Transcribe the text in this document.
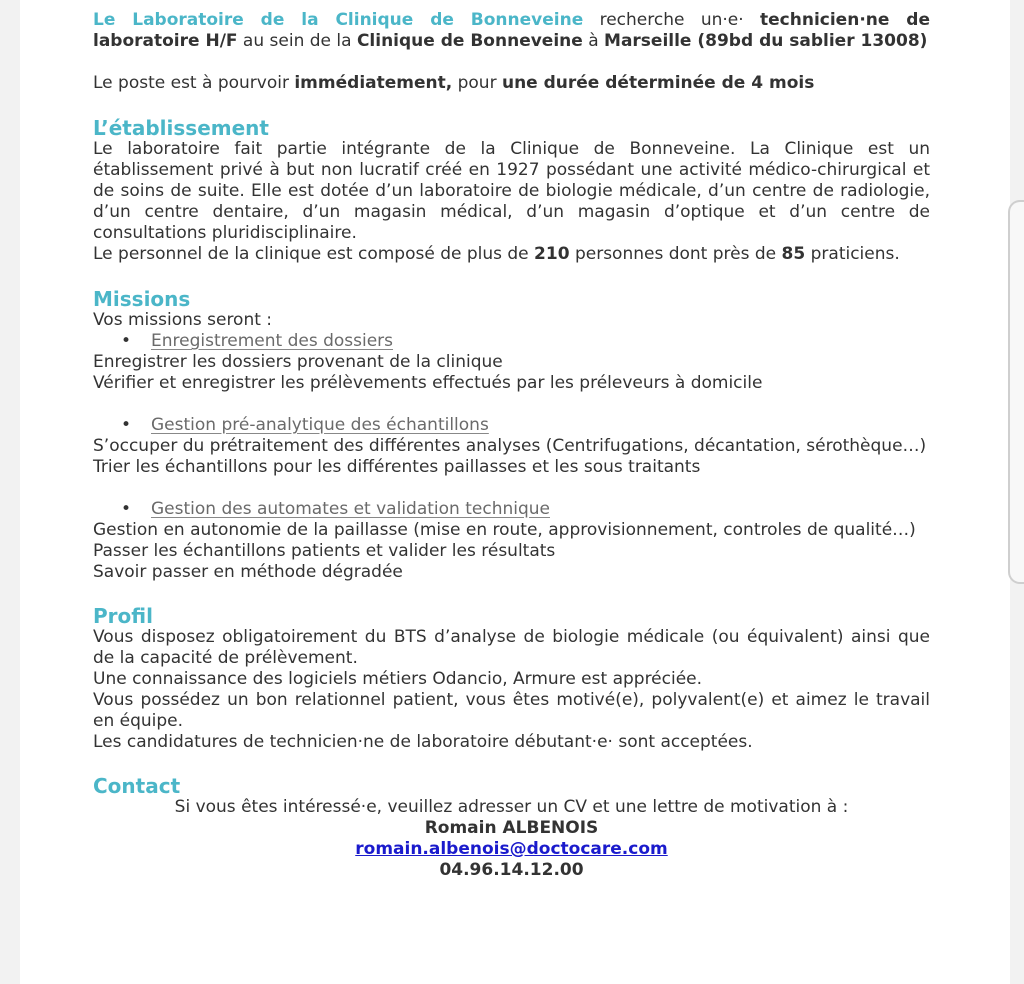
Le Laboratoire de la Clinique de Bonneveine recherche un·e· technicien·ne de laboratoire H/F au sein de la Clinique de Bonneveine à Marseille (89bd du sablier 13008)

Le poste est à pourvoir immédiatement, pour une durée déterminée de 4 mois

L’établissement

Le laboratoire fait partie intégrante de la Clinique de Bonneveine. La Clinique est un établissement privé à but non lucratif créé en 1927 possédant une activité médico-chirurgical et de soins de suite. Elle est dotée d’un laboratoire de biologie médicale, d’un centre de radiologie, d’un centre dentaire, d’un magasin médical, d’un magasin d’optique et d’un centre de consultations pluridisciplinaire.

Le personnel de la clinique est composé de plus de 210 personnes dont près de 85 praticiens.

Missions

Vos missions seront :

• Enregistrement des dossiers

Enregistrer les dossiers provenant de la clinique

Vérifier et enregistrer les prélèvements effectués par les préleveurs à domicile

• Gestion pré-analytique des échantillons

S’occuper du prétraitement des différentes analyses (Centrifugations, décantation, sérothèque…)

Trier les échantillons pour les différentes paillasses et les sous traitants

• Gestion des automates et validation technique

Gestion en autonomie de la paillasse (mise en route, approvisionnement, controles de qualité…)

Passer les échantillons patients et valider les résultats

Savoir passer en méthode dégradée

Profil

Vous disposez obligatoirement du BTS d’analyse de biologie médicale (ou équivalent) ainsi que de la capacité de prélèvement.

Une connaissance des logiciels métiers Odancio, Armure est appréciée.

Vous possédez un bon relationnel patient, vous êtes motivé(e), polyvalent(e) et aimez le travail en équipe.

Les candidatures de technicien·ne de laboratoire débutant·e· sont acceptées.

Contact

Si vous êtes intéressé·e, veuillez adresser un CV et une lettre de motivation à :

Romain ALBENOIS

romain.albenois@doctocare.com

04.96.14.12.00
